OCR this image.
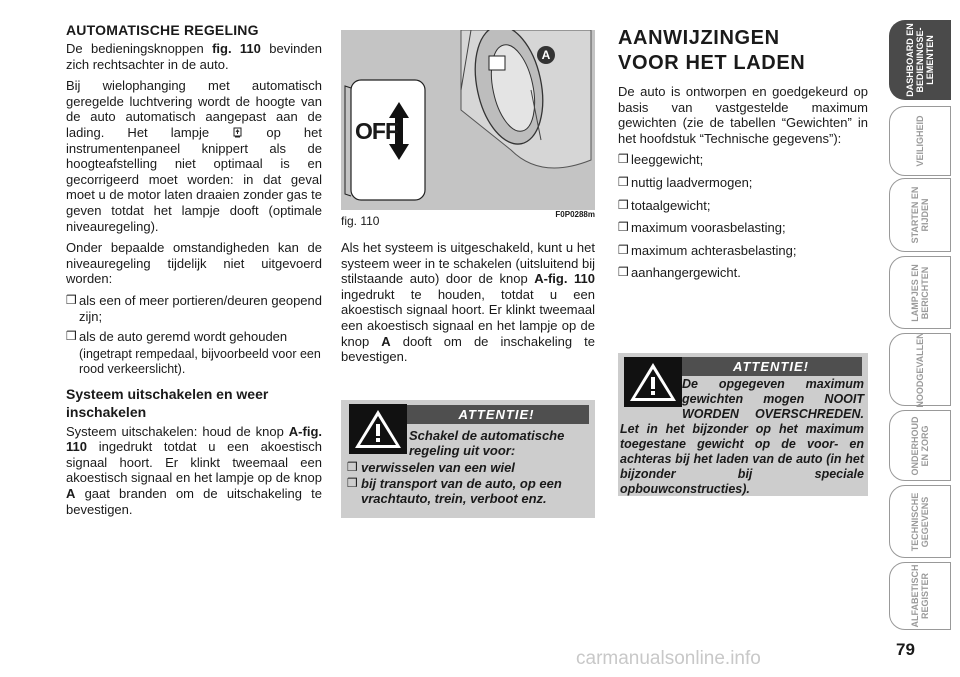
AUTOMATISCHE REGELING

De bedieningsknoppen fig. 110 bevinden zich rechtsachter in de auto.

Bij wielophanging met automatisch geregelde luchtvering wordt de hoogte van de auto automatisch aangepast aan de lading. Het lampje  op het instrumentenpaneel knippert als de hoogteafstelling niet optimaal is en gecorrigeerd moet worden: in dat geval moet u de motor laten draaien zonder gas te geven totdat het lampje dooft (optimale niveauregeling).

Onder bepaalde omstandigheden kan de niveauregeling tijdelijk niet uitgevoerd worden:

❒ als een of meer portieren/deuren geopend zijn;
❒ als de auto geremd wordt gehouden
(ingetrapt rempedaal, bijvoorbeeld voor een rood verkeerslicht).
Systeem uitschakelen en weer inschakelen

Systeem uitschakelen: houd de knop A-fig. 110 ingedrukt totdat u een akoestisch signaal hoort. Er klinkt tweemaal een akoestisch signaal en het lampje op de knop A gaat branden om de uitschakeling te bevestigen.

OFF
A
fig. 110	F0P0288m

Als het systeem is uitgeschakeld, kunt u het systeem weer in te schakelen (uitsluitend bij stilstaande auto) door de knop A-fig. 110 ingedrukt te houden, totdat u een akoestisch signaal hoort. Er klinkt tweemaal een akoestisch signaal en het lampje op de knop A dooft om de inschakeling te bevestigen.

ATTENTIE!
Schakel de automatische regeling uit voor:
❒ verwisselen van een wiel
❒ bij transport van de auto, op een vrachtauto, trein, verboot enz.
AANWIJZINGEN VOOR HET LADEN

De auto is ontworpen en goedgekeurd op basis van vastgestelde maximum gewichten (zie de tabellen “Gewichten” in het hoofdstuk “Technische gegevens”):

❒ leeggewicht;
❒ nuttig laadvermogen;
❒ totaalgewicht;
❒ maximum voorasbelasting;
❒ maximum achterasbelasting;
❒ aanhangergewicht.
ATTENTIE!
De opgegeven maximum gewichten mogen NOOIT WORDEN OVERSCHREDEN. Let in het bijzonder op het maximum toegestane gewicht op de voor- en achteras bij het laden van de auto (in het bijzonder bij speciale opbouwconstructies).
DASHBOARD EN
BEDIENINGSE-
LEMENTEN
VEILIGHEID
STARTEN EN
RIJDEN
LAMPJES EN
BERICHTEN
NOODGEVALLEN
ONDERHOUD
EN ZORG
TECHNISCHE
GEGEVENS
ALFABETISCH
REGISTER
79
carmanualsonline.info
